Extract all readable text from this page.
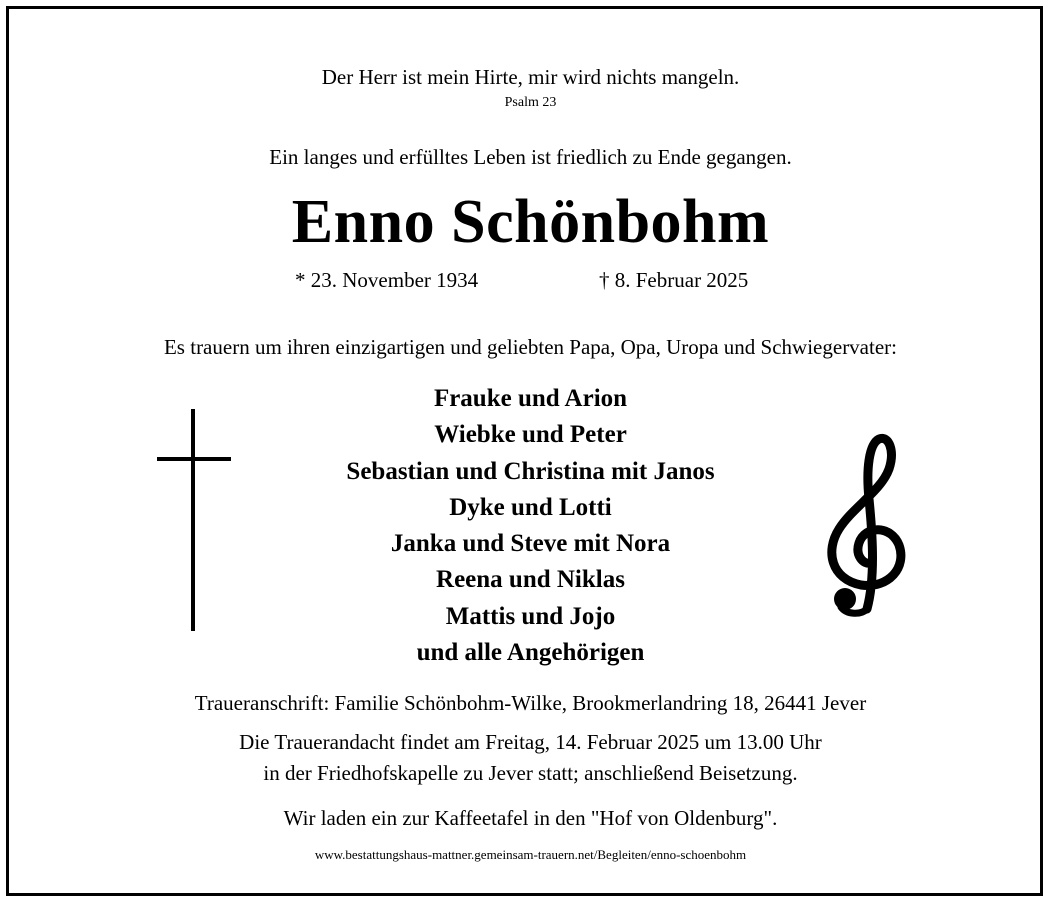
Der Herr ist mein Hirte, mir wird nichts mangeln.
Psalm 23
Ein langes und erfülltes Leben ist friedlich zu Ende gegangen.
Enno Schönbohm
* 23. November 1934	† 8. Februar 2025
Es trauern um ihren einzigartigen und geliebten Papa, Opa, Uropa und Schwiegervater:
Frauke und Arion
Wiebke und Peter
Sebastian und Christina mit Janos
Dyke und Lotti
Janka und Steve mit Nora
Reena und Niklas
Mattis und Jojo
und alle Angehörigen
Traueranschrift: Familie Schönbohm-Wilke, Brookmerlandring 18, 26441 Jever
Die Trauerandacht findet am Freitag, 14. Februar 2025 um 13.00 Uhr
in der Friedhofskapelle zu Jever statt; anschließend Beisetzung.
Wir laden ein zur Kaffeetafel in den "Hof von Oldenburg".
www.bestattungshaus-mattner.gemeinsam-trauern.net/Begleiten/enno-schoenbohm
